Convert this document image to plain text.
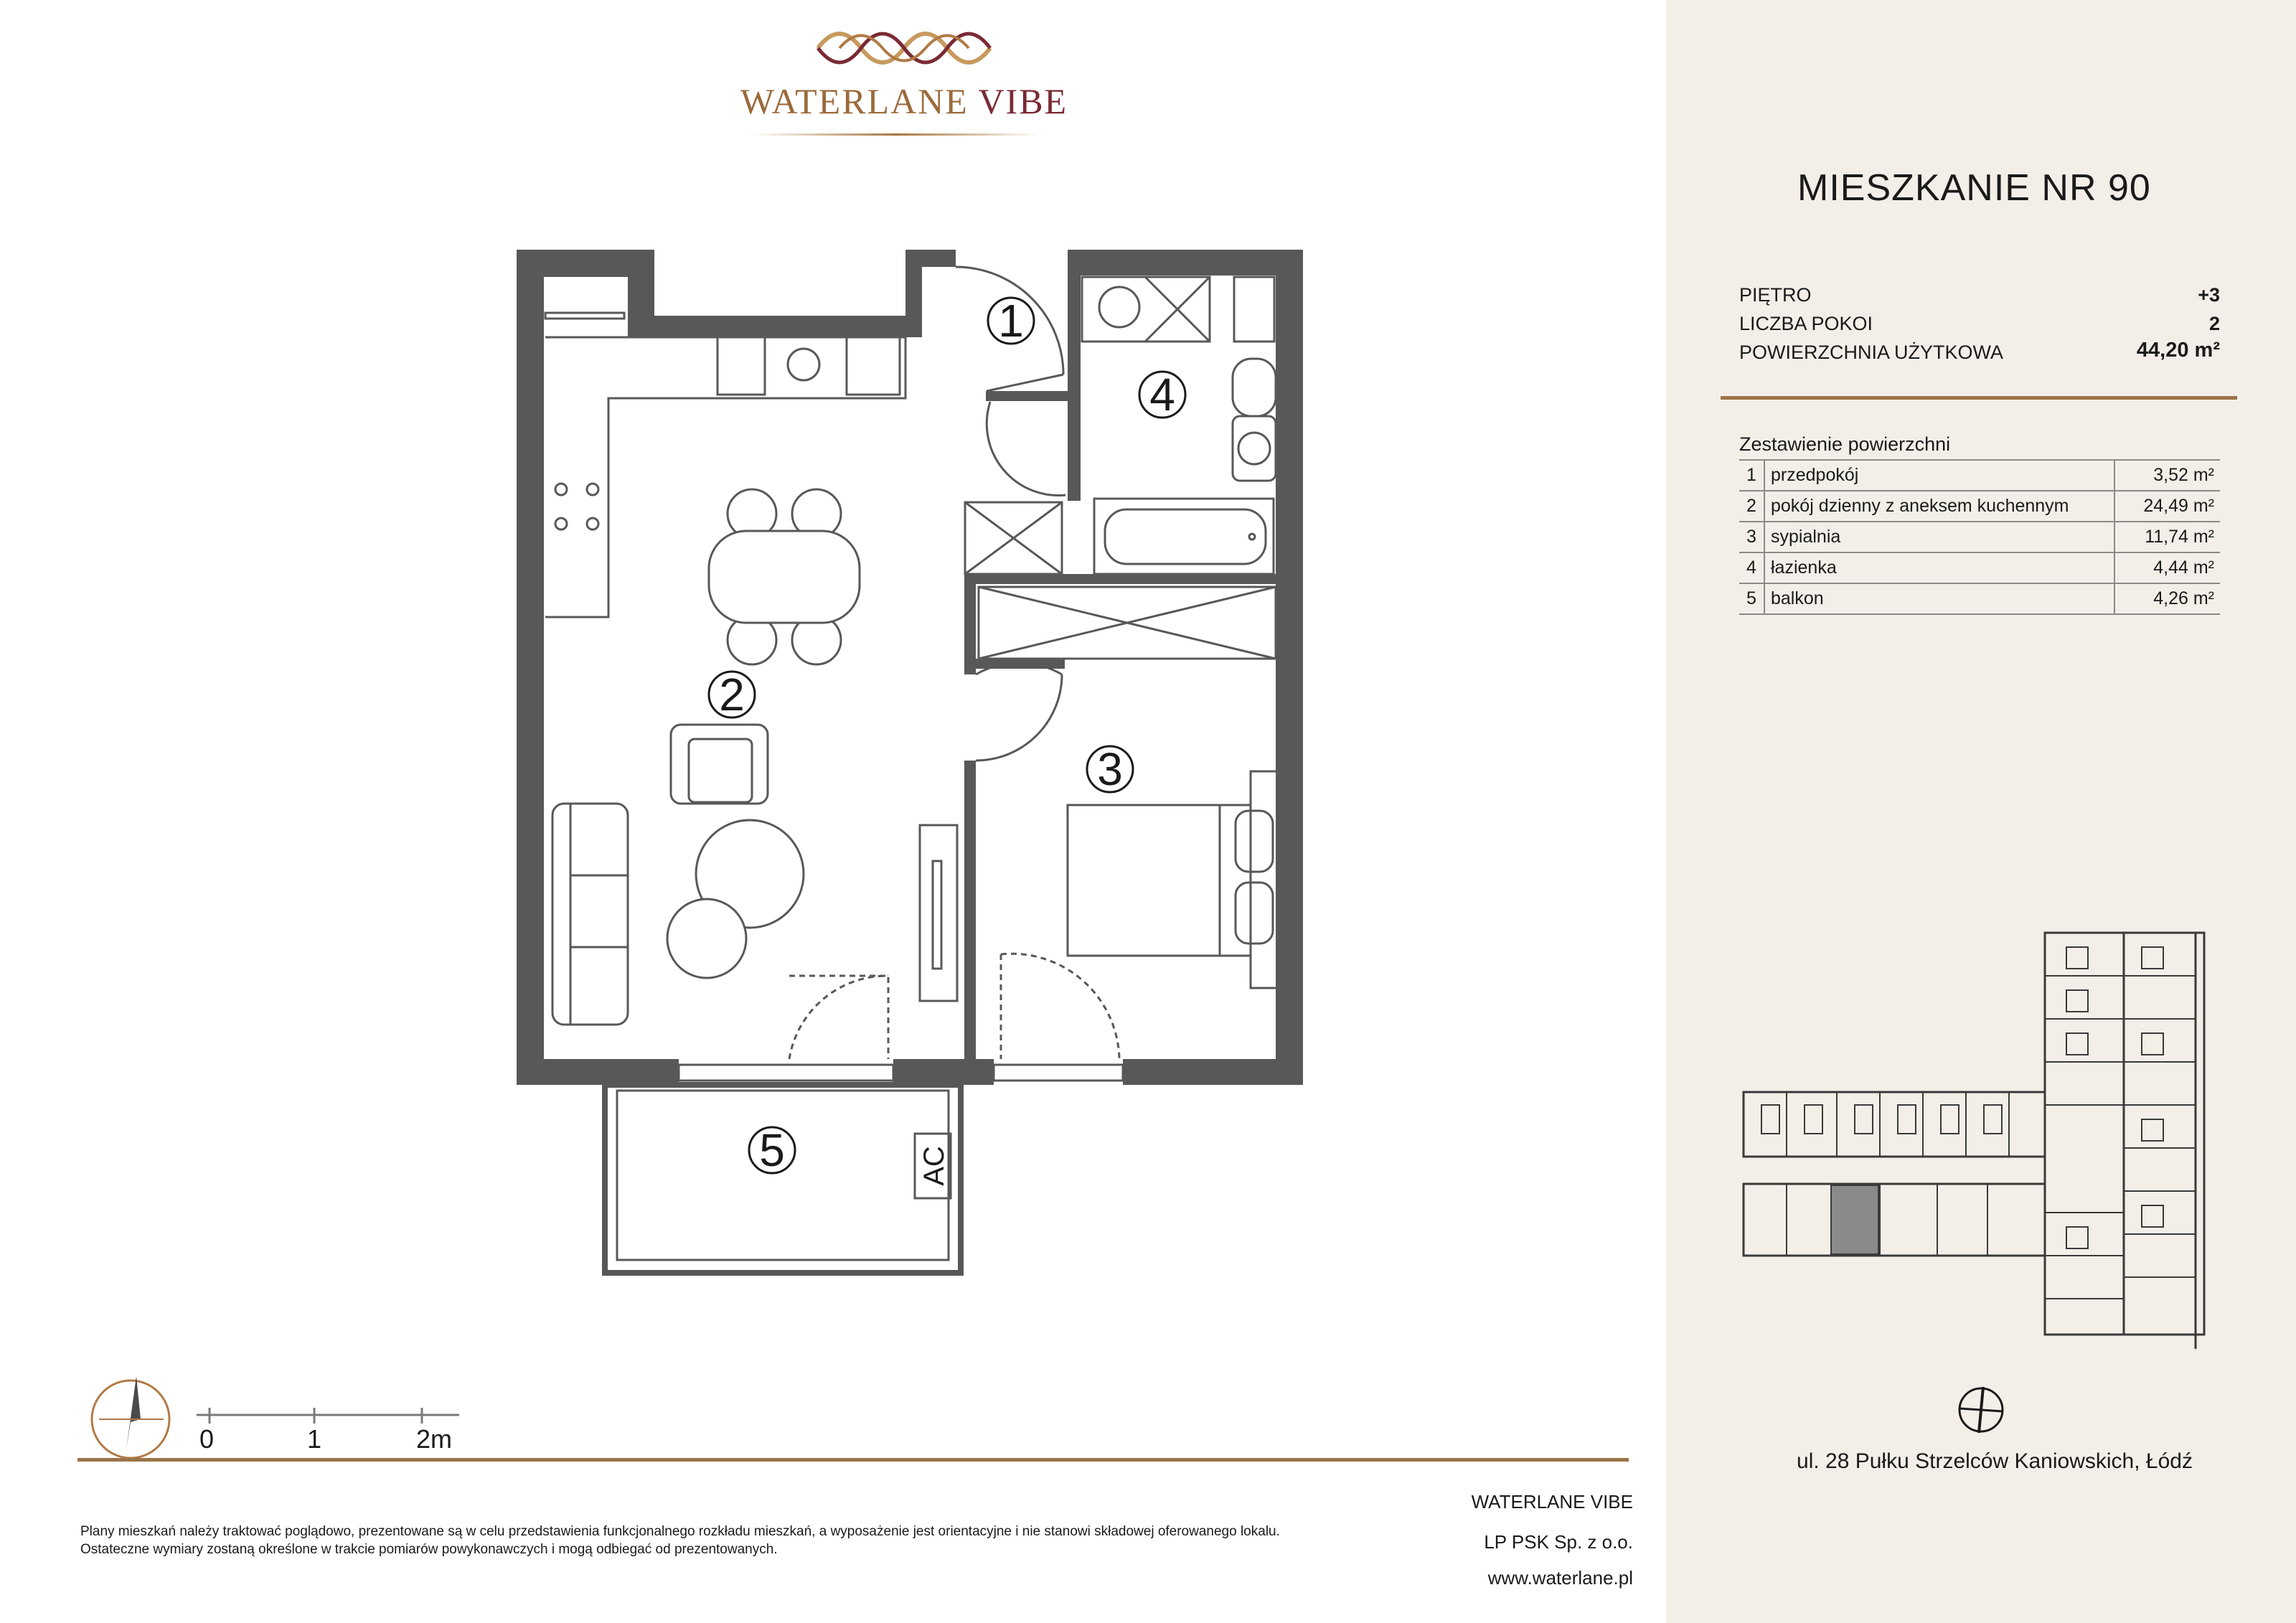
WATERLANE VIBE
1
2
3
4
5	AC
0	1	2m
Plany mieszkań należy traktować poglądowo, prezentowane są w celu przedstawienia funkcjonalnego rozkładu mieszkań, a wyposażenie jest orientacyjne i nie stanowi składowej oferowanego lokalu.
Ostateczne wymiary zostaną określone w trakcie pomiarów powykonawczych i mogą odbiegać od prezentowanych.
WATERLANE VIBE
LP PSK Sp. z o.o.
www.waterlane.pl
MIESZKANIE NR 90
PIĘTRO	+3
LICZBA POKOI	2
POWIERZCHNIA UŻYTKOWA	44,20 m²
Zestawienie powierzchni
1	przedpokój	3,52 m²
2	pokój dzienny z aneksem kuchennym	24,49 m²
3	sypialnia	11,74 m²
4	łazienka	4,44 m²
5	balkon	4,26 m²
ul. 28 Pułku Strzelców Kaniowskich, Łódź
